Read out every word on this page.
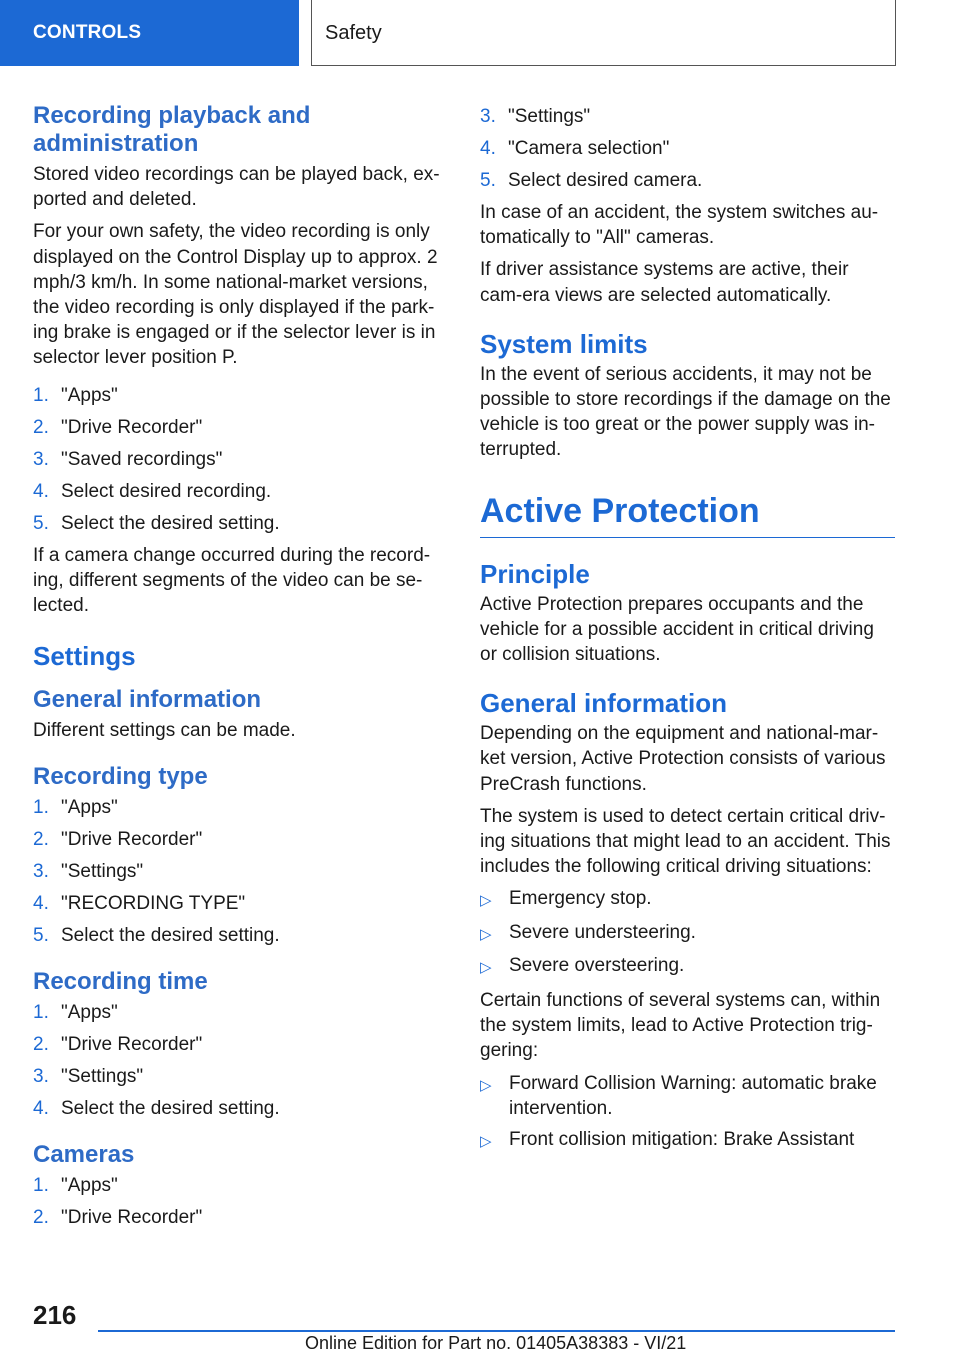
CONTROLS	Safety
Recording playback and administration

Stored video recordings can be played back, ex-ported and deleted.

For your own safety, the video recording is only displayed on the Control Display up to approx. 2 mph/3 km/h. In some national-market versions, the video recording is only displayed if the park-ing brake is engaged or if the selector lever is in selector lever position P.

1. "Apps"
2. "Drive Recorder"
3. "Saved recordings"
4. Select desired recording.
5. Select the desired setting.

If a camera change occurred during the record-ing, different segments of the video can be se-lected.

Settings
General information

Different settings can be made.

Recording type
1. "Apps"
2. "Drive Recorder"
3. "Settings"
4. "RECORDING TYPE"
5. Select the desired setting.
Recording time
1. "Apps"
2. "Drive Recorder"
3. "Settings"
4. Select the desired setting.
Cameras
1. "Apps"
2. "Drive Recorder"
3. "Settings"
4. "Camera selection"
5. Select desired camera.

In case of an accident, the system switches au-tomatically to "All" cameras.

If driver assistance systems are active, their cam-era views are selected automatically.

System limits

In the event of serious accidents, it may not be possible to store recordings if the damage on the vehicle is too great or the power supply was in-terrupted.

Active Protection
Principle

Active Protection prepares occupants and the vehicle for a possible accident in critical driving or collision situations.

General information

Depending on the equipment and national-mar-ket version, Active Protection consists of various PreCrash functions.

The system is used to detect certain critical driv-ing situations that might lead to an accident. This includes the following critical driving situations:

▷ Emergency stop.
▷ Severe understeering.
▷ Severe oversteering.

Certain functions of several systems can, within the system limits, lead to Active Protection trig-gering:

▷ Forward Collision Warning: automatic brake intervention.
▷ Front collision mitigation: Brake Assistant
216
Online Edition for Part no. 01405A38383 - VI/21
